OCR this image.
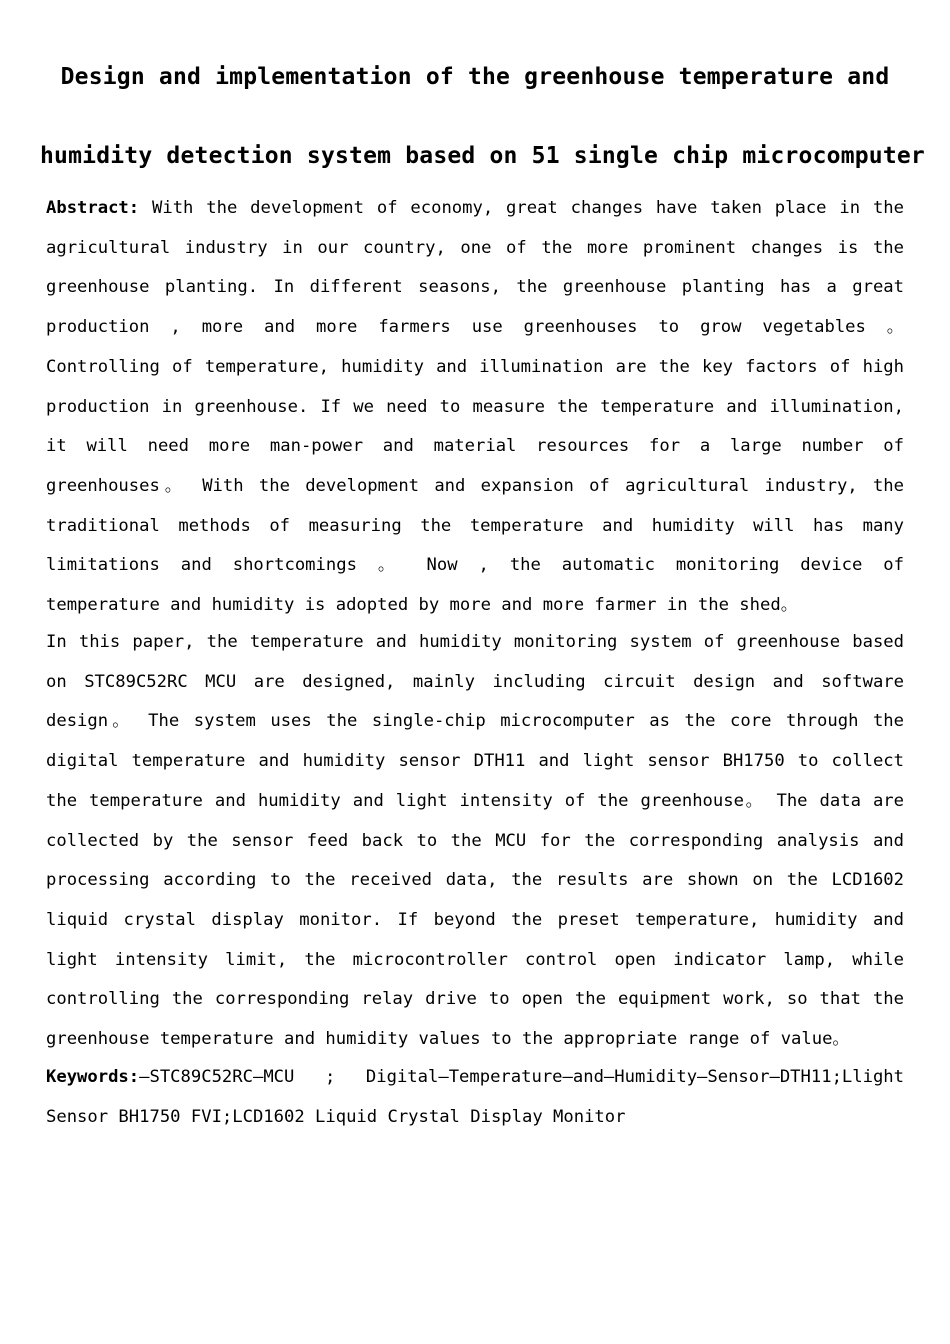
Design and implementation of the greenhouse temperature and
humidity detection system based on 51 single chip microcomputer
Abstract: With the development of economy, great changes have taken place in the agricultural industry in our country, one of the more prominent changes is the greenhouse planting. In different seasons, the greenhouse planting has a great production , more and more farmers use greenhouses to grow vegetables 。 Controlling of temperature, humidity and illumination are the key factors of high production in greenhouse. If we need to measure the temperature and illumination, it will need more man-power and material resources for a large number of greenhouses。 With the development and expansion of agricultural industry, the traditional methods of measuring the temperature and humidity will has many limitations and shortcomings 。 Now , the automatic monitoring device of temperature and humidity is adopted by more and more farmer in the shed。
In this paper, the temperature and humidity monitoring system of greenhouse based on STC89C52RC MCU are designed, mainly including circuit design and software design。 The system uses the single-chip microcomputer as the core through the digital temperature and humidity sensor DTH11 and light sensor BH1750 to collect the temperature and humidity and light intensity of the greenhouse。 The data are collected by the sensor feed back to the MCU for the corresponding analysis and processing according to the received data, the results are shown on the LCD1602 liquid crystal display monitor. If beyond the preset temperature, humidity and light intensity limit, the microcontroller control open indicator lamp, while controlling the corresponding relay drive to open the equipment work, so that the greenhouse temperature and humidity values to the appropriate range of value。
Keywords:—STC89C52RC—MCU ; Digital—Temperature—and—Humidity—Sensor—DTH11;Llight Sensor BH1750 FVI;LCD1602 Liquid Crystal Display Monitor
